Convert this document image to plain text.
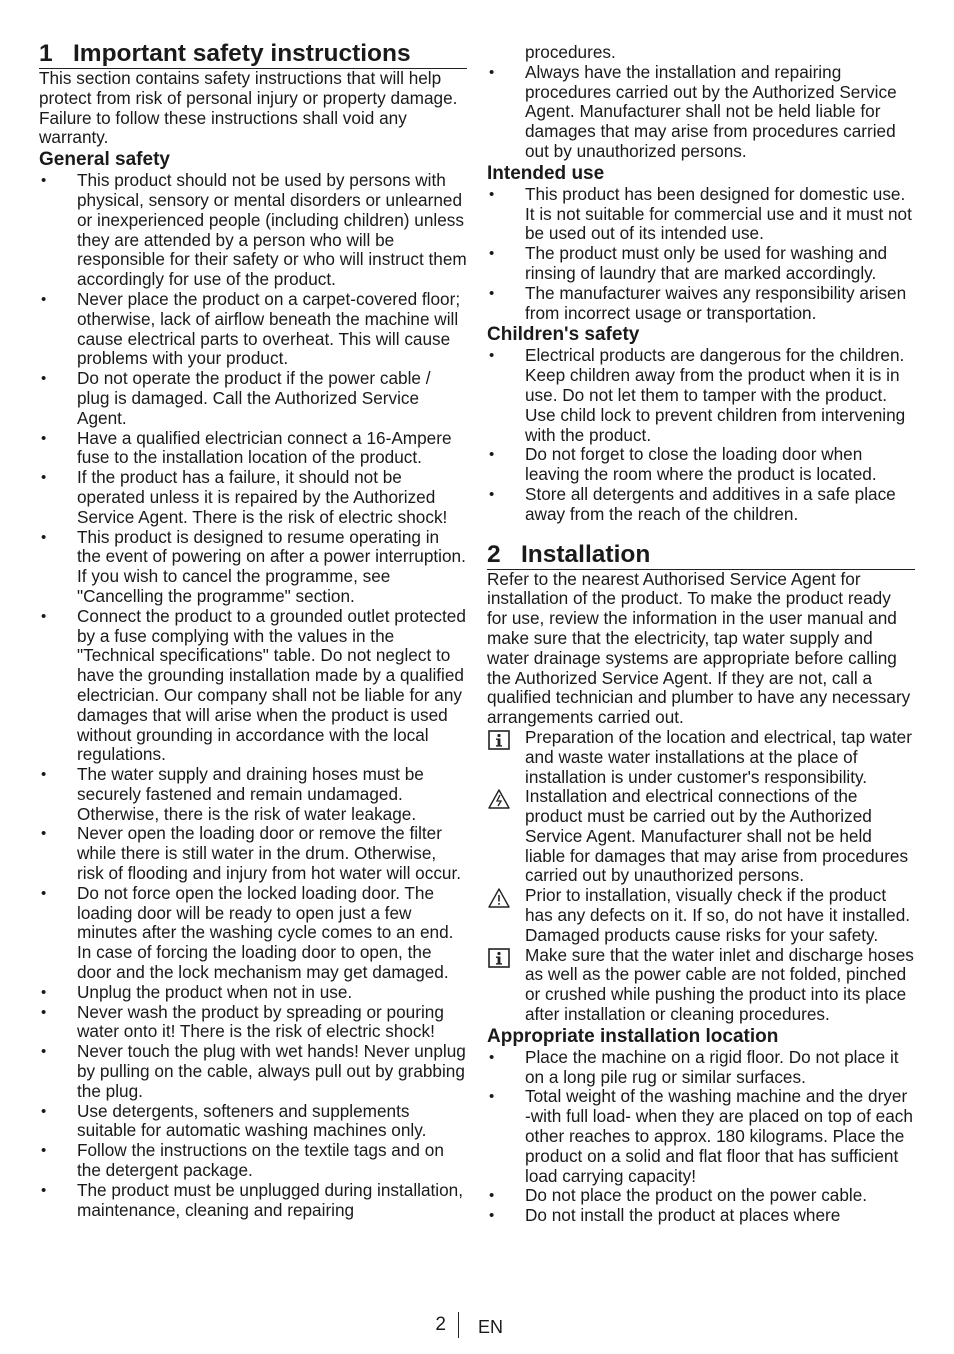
1 Important safety instructions

This section contains safety instructions that will help protect from risk of personal injury or property damage. Failure to follow these instructions shall void any warranty.

General safety
• This product should not be used by persons with physical, sensory or mental disorders or unlearned or inexperienced people (including children) unless they are attended by a person who will be responsible for their safety or who will instruct them accordingly for use of the product.
• Never place the product on a carpet-covered floor; otherwise, lack of airflow beneath the machine will cause electrical parts to overheat. This will cause problems with your product.
• Do not operate the product if the power cable / plug is damaged. Call the Authorized Service Agent.
• Have a qualified electrician connect a 16-Ampere fuse to the installation location of the product.
• If the product has a failure, it should not be operated unless it is repaired by the Authorized Service Agent. There is the risk of electric shock!
• This product is designed to resume operating in the event of powering on after a power interruption. If you wish to cancel the programme, see "Cancelling the programme" section.
• Connect the product to a grounded outlet protected by a fuse complying with the values in the "Technical specifications" table. Do not neglect to have the grounding installation made by a qualified electrician. Our company shall not be liable for any damages that will arise when the product is used without grounding in accordance with the local regulations.
• The water supply and draining hoses must be securely fastened and remain undamaged. Otherwise, there is the risk of water leakage.
• Never open the loading door or remove the filter while there is still water in the drum. Otherwise, risk of flooding and injury from hot water will occur.
• Do not force open the locked loading door. The loading door will be ready to open just a few minutes after the washing cycle comes to an end. In case of forcing the loading door to open, the door and the lock mechanism may get damaged.
• Unplug the product when not in use.
• Never wash the product by spreading or pouring water onto it! There is the risk of electric shock!
• Never touch the plug with wet hands! Never unplug by pulling on the cable, always pull out by grabbing the plug.
• Use detergents, softeners and supplements suitable for automatic washing machines only.
• Follow the instructions on the textile tags and on the detergent package.
• The product must be unplugged during installation, maintenance, cleaning and repairing

procedures.

• Always have the installation and repairing procedures carried out by the Authorized Service Agent. Manufacturer shall not be held liable for damages that may arise from procedures carried out by unauthorized persons.
Intended use
• This product has been designed for domestic use. It is not suitable for commercial use and it must not be used out of its intended use.
• The product must only be used for washing and rinsing of laundry that are marked accordingly.
• The manufacturer waives any responsibility arisen from incorrect usage or transportation.
Children's safety
• Electrical products are dangerous for the children. Keep children away from the product when it is in use. Do not let them to tamper with the product. Use child lock to prevent children from intervening with the product.
• Do not forget to close the loading door when leaving the room where the product is located.
• Store all detergents and additives in a safe place away from the reach of the children.
2 Installation

Refer to the nearest Authorised Service Agent for installation of the product. To make the product ready for use, review the information in the user manual and make sure that the electricity, tap water supply and water drainage systems are appropriate before calling the Authorized Service Agent. If they are not, call a qualified technician and plumber to have any necessary arrangements carried out.

Preparation of the location and electrical, tap water and waste water installations at the place of installation is under customer's responsibility.
Installation and electrical connections of the product must be carried out by the Authorized Service Agent. Manufacturer shall not be held liable for damages that may arise from procedures carried out by unauthorized persons.
Prior to installation, visually check if the product has any defects on it. If so, do not have it installed. Damaged products cause risks for your safety.
Make sure that the water inlet and discharge hoses as well as the power cable are not folded, pinched or crushed while pushing the product into its place after installation or cleaning procedures.
Appropriate installation location
• Place the machine on a rigid floor. Do not place it on a long pile rug or similar surfaces.
• Total weight of the washing machine and the dryer -with full load- when they are placed on top of each other reaches to approx. 180 kilograms. Place the product on a solid and flat floor that has sufficient load carrying capacity!
• Do not place the product on the power cable.
• Do not install the product at places where
2 EN
